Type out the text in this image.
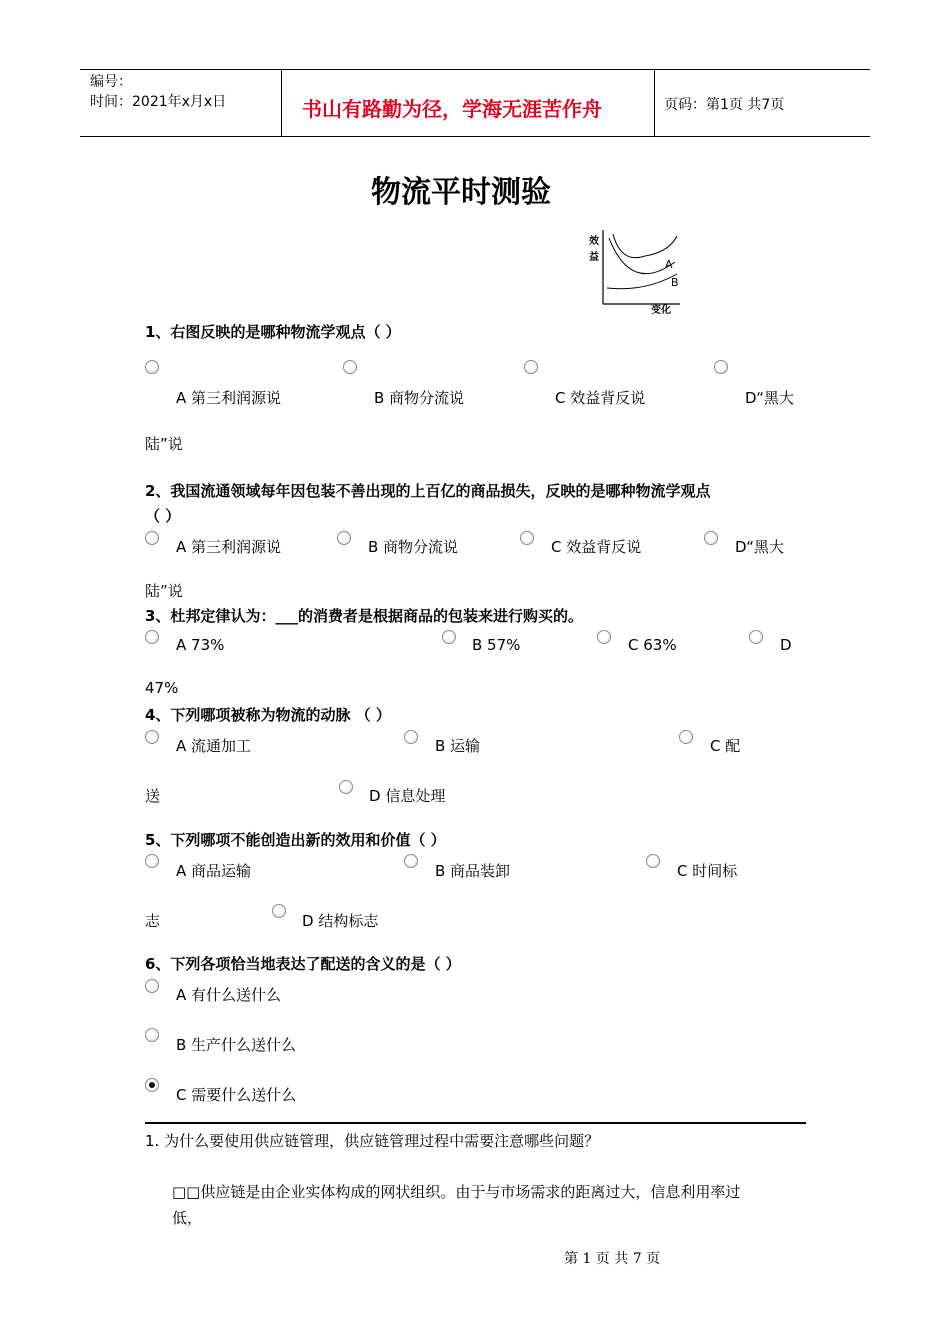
编号：
时间：2021年x月x日	书山有路勤为径，学海无涯苦作舟	页码：第1页 共7页
物流平时测验
效
益
A
B
变化
1、右图反映的是哪种物流学观点（ ）
A 第三利润源说	B 商物分流说	C 效益背反说	D“黑大
陆”说
2、我国流通领域每年因包装不善出现的上百亿的商品损失，反映的是哪种物流学观点
（ ）
A 第三利润源说	B 商物分流说	C 效益背反说	D“黑大
陆”说
3、杜邦定律认为：___的消费者是根据商品的包装来进行购买的。
A 73%	B 57%	C 63%	D
47%
4、下列哪项被称为物流的动脉 （ ）
A 流通加工	B 运输	C 配
送	D 信息处理
5、下列哪项不能创造出新的效用和价值（ ）
A 商品运输	B 商品装卸	C 时间标
志	D 结构标志
6、下列各项恰当地表达了配送的含义的是（ ）
A 有什么送什么
B 生产什么送什么
C 需要什么送什么
1. 为什么要使用供应链管理，供应链管理过程中需要注意哪些问题？
□□供应链是由企业实体构成的网状组织。由于与市场需求的距离过大，信息利用率过
低，
第 1 页 共 7 页
